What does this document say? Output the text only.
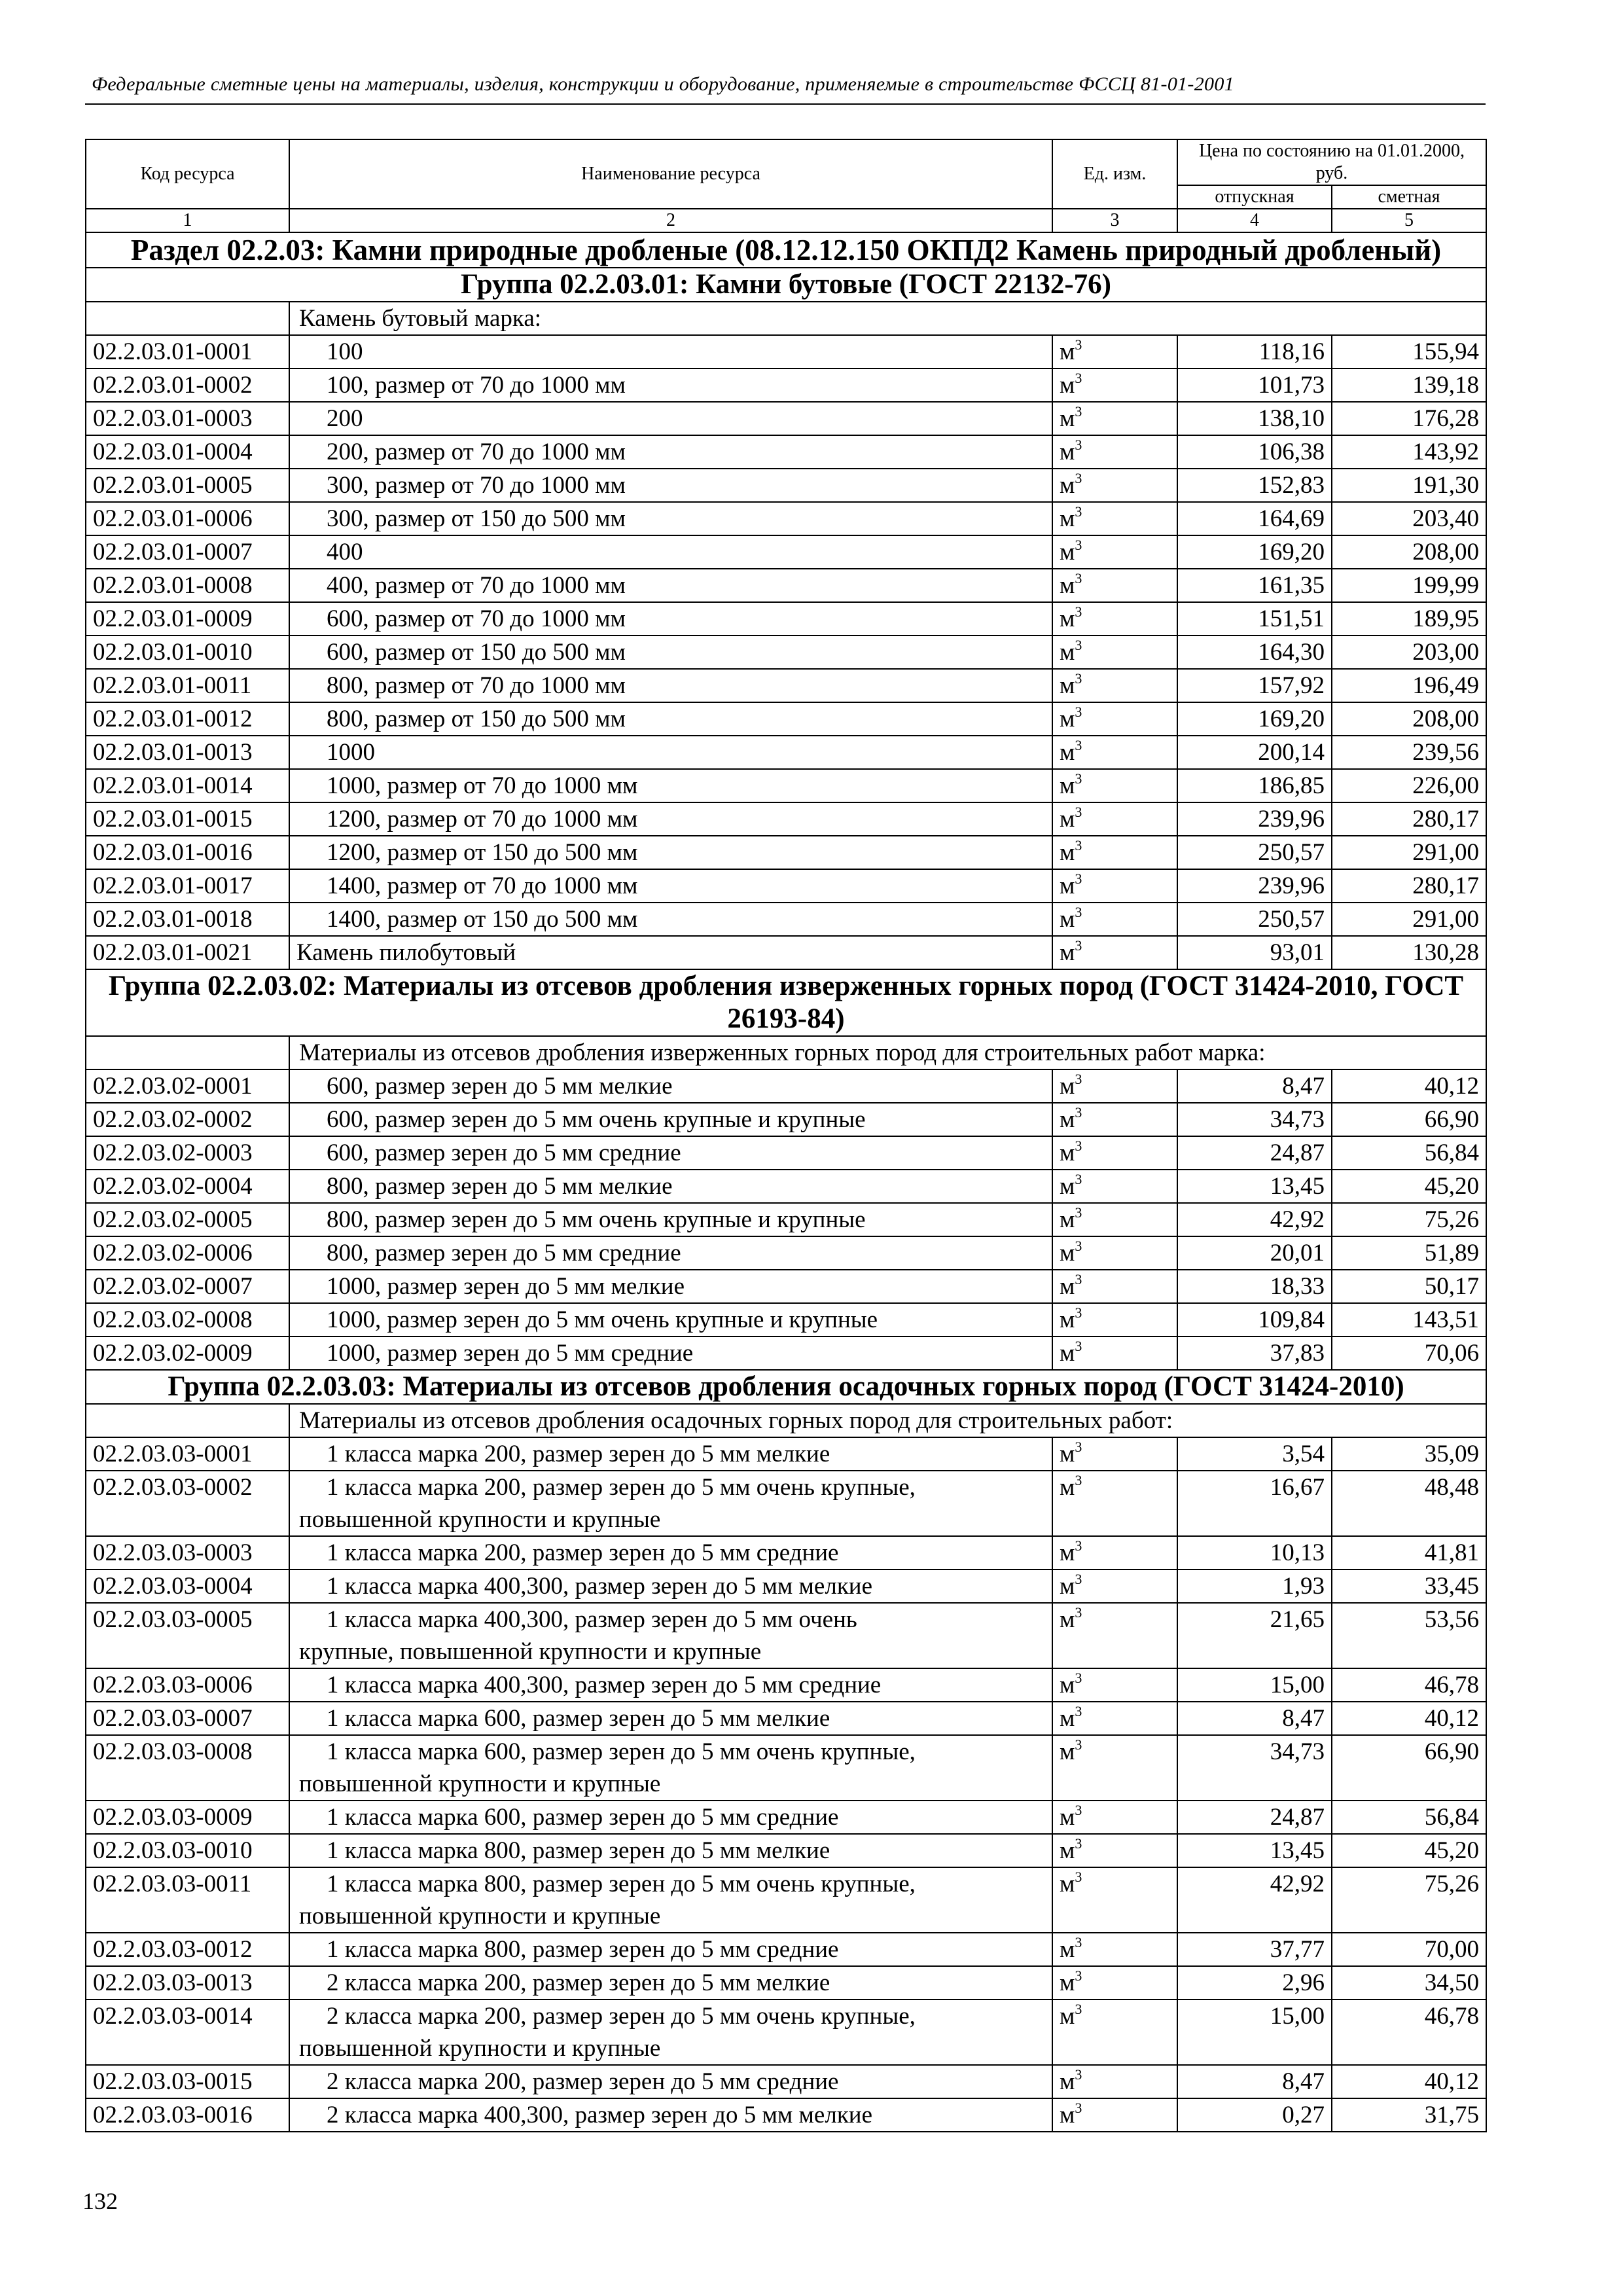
Федеральные сметные цены на материалы, изделия, конструкции и оборудование, применяемые в строительстве ФССЦ 81-01-2001
Код ресурса	Наименование ресурса	Ед. изм.	Цена по состоянию на 01.01.2000, руб.	
			отпускная	сметная
1	2	3	4	5
Раздел 02.2.03: Камни природные дробленые (08.12.12.150 ОКПД2 Камень природный дробленый)				
Группа 02.2.03.01: Камни бутовые (ГОСТ 22132-76)				
	Камень бутовый марка:			
02.2.03.01-0001	100	$м^3$	118,16	155,94
02.2.03.01-0002	100, размер от 70 до 1000 мм	$м^3$	101,73	139,18
02.2.03.01-0003	200	$м^3$	138,10	176,28
02.2.03.01-0004	200, размер от 70 до 1000 мм	$м^3$	106,38	143,92
02.2.03.01-0005	300, размер от 70 до 1000 мм	$м^3$	152,83	191,30
02.2.03.01-0006	300, размер от 150 до 500 мм	$м^3$	164,69	203,40
02.2.03.01-0007	400	$м^3$	169,20	208,00
02.2.03.01-0008	400, размер от 70 до 1000 мм	$м^3$	161,35	199,99
02.2.03.01-0009	600, размер от 70 до 1000 мм	$м^3$	151,51	189,95
02.2.03.01-0010	600, размер от 150 до 500 мм	$м^3$	164,30	203,00
02.2.03.01-0011	800, размер от 70 до 1000 мм	$м^3$	157,92	196,49
02.2.03.01-0012	800, размер от 150 до 500 мм	$м^3$	169,20	208,00
02.2.03.01-0013	1000	$м^3$	200,14	239,56
02.2.03.01-0014	1000, размер от 70 до 1000 мм	$м^3$	186,85	226,00
02.2.03.01-0015	1200, размер от 70 до 1000 мм	$м^3$	239,96	280,17
02.2.03.01-0016	1200, размер от 150 до 500 мм	$м^3$	250,57	291,00
02.2.03.01-0017	1400, размер от 70 до 1000 мм	$м^3$	239,96	280,17
02.2.03.01-0018	1400, размер от 150 до 500 мм	$м^3$	250,57	291,00
02.2.03.01-0021	Камень пилобутовый	$м^3$	93,01	130,28
Группа 02.2.03.02: Материалы из отсевов дробления изверженных горных пород (ГОСТ 31424-2010, ГОСТ 26193-84)				
	Материалы из отсевов дробления изверженных горных пород для строительных работ марка:			
02.2.03.02-0001	600, размер зерен до 5 мм мелкие	$м^3$	8,47	40,12
02.2.03.02-0002	600, размер зерен до 5 мм очень крупные и крупные	$м^3$	34,73	66,90
02.2.03.02-0003	600, размер зерен до 5 мм средние	$м^3$	24,87	56,84
02.2.03.02-0004	800, размер зерен до 5 мм мелкие	$м^3$	13,45	45,20
02.2.03.02-0005	800, размер зерен до 5 мм очень крупные и крупные	$м^3$	42,92	75,26
02.2.03.02-0006	800, размер зерен до 5 мм средние	$м^3$	20,01	51,89
02.2.03.02-0007	1000, размер зерен до 5 мм мелкие	$м^3$	18,33	50,17
02.2.03.02-0008	1000, размер зерен до 5 мм очень крупные и крупные	$м^3$	109,84	143,51
02.2.03.02-0009	1000, размер зерен до 5 мм средние	$м^3$	37,83	70,06
Группа 02.2.03.03: Материалы из отсевов дробления осадочных горных пород (ГОСТ 31424-2010)				
	Материалы из отсевов дробления осадочных горных пород для строительных работ:			
02.2.03.03-0001	1 класса марка 200, размер зерен до 5 мм мелкие	$м^3$	3,54	35,09
02.2.03.03-0002	1 класса марка 200, размер зерен до 5 мм очень крупные,
повышенной крупности и крупные	$м^3$	16,67	48,48
02.2.03.03-0003	1 класса марка 200, размер зерен до 5 мм средние	$м^3$	10,13	41,81
02.2.03.03-0004	1 класса марка 400,300, размер зерен до 5 мм мелкие	$м^3$	1,93	33,45
02.2.03.03-0005	1 класса марка 400,300, размер зерен до 5 мм очень
крупные, повышенной крупности и крупные	$м^3$	21,65	53,56
02.2.03.03-0006	1 класса марка 400,300, размер зерен до 5 мм средние	$м^3$	15,00	46,78
02.2.03.03-0007	1 класса марка 600, размер зерен до 5 мм мелкие	$м^3$	8,47	40,12
02.2.03.03-0008	1 класса марка 600, размер зерен до 5 мм очень крупные,
повышенной крупности и крупные	$м^3$	34,73	66,90
02.2.03.03-0009	1 класса марка 600, размер зерен до 5 мм средние	$м^3$	24,87	56,84
02.2.03.03-0010	1 класса марка 800, размер зерен до 5 мм мелкие	$м^3$	13,45	45,20
02.2.03.03-0011	1 класса марка 800, размер зерен до 5 мм очень крупные,
повышенной крупности и крупные	$м^3$	42,92	75,26
02.2.03.03-0012	1 класса марка 800, размер зерен до 5 мм средние	$м^3$	37,77	70,00
02.2.03.03-0013	2 класса марка 200, размер зерен до 5 мм мелкие	$м^3$	2,96	34,50
02.2.03.03-0014	2 класса марка 200, размер зерен до 5 мм очень крупные,
повышенной крупности и крупные	$м^3$	15,00	46,78
02.2.03.03-0015	2 класса марка 200, размер зерен до 5 мм средние	$м^3$	8,47	40,12
02.2.03.03-0016	2 класса марка 400,300, размер зерен до 5 мм мелкие	$м^3$	0,27	31,75
132
